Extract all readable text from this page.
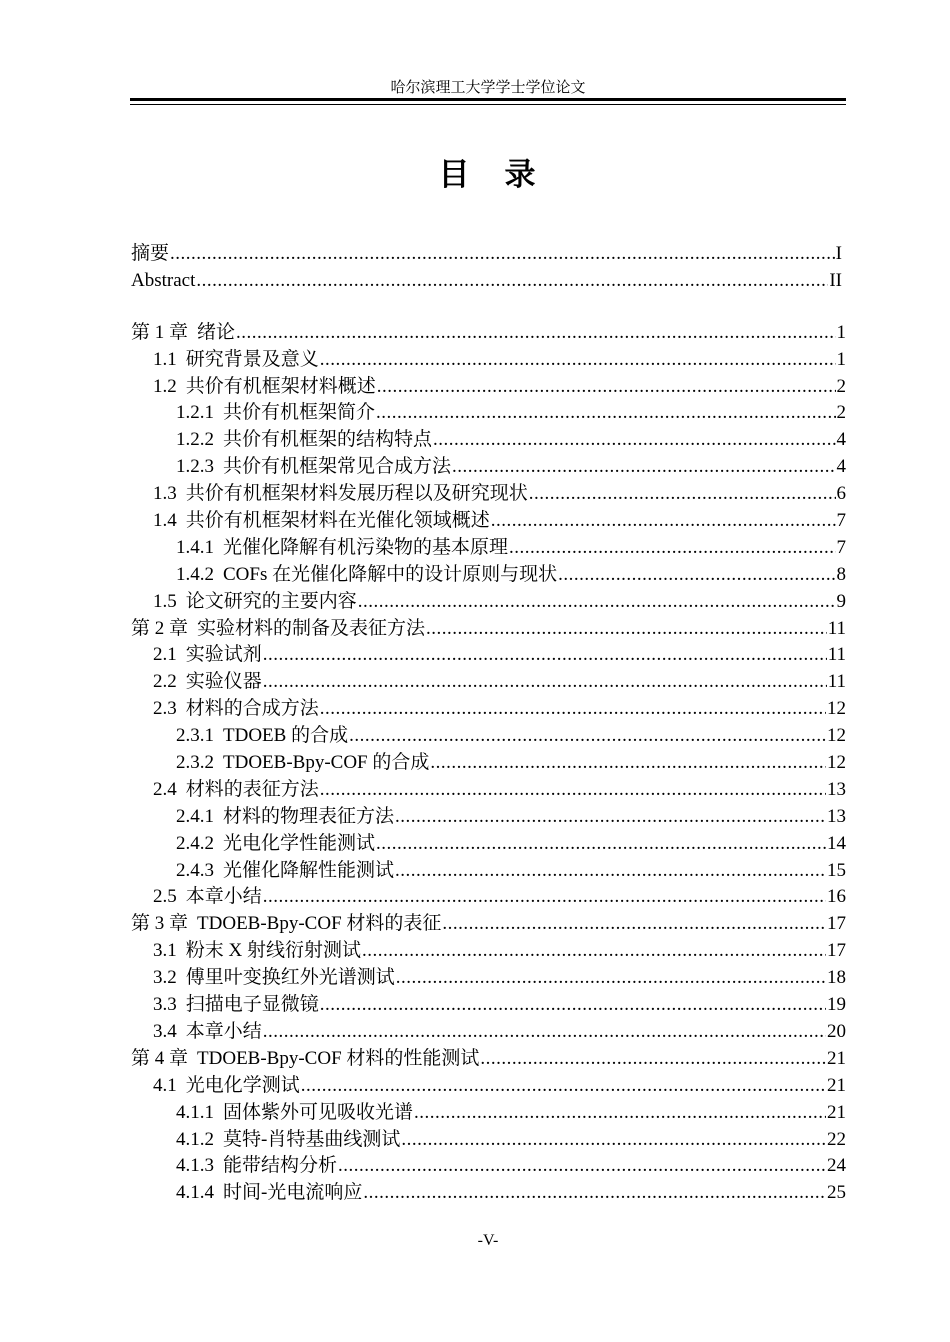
哈尔滨理工大学学士学位论文
目　录
摘要 .....	I
Abstract .....	II
第 1 章 绪论 .....	1
1.1 研究背景及意义 .....	1
1.2 共价有机框架材料概述 .....	2
1.2.1 共价有机框架简介 .....	2
1.2.2 共价有机框架的结构特点 .....	4
1.2.3 共价有机框架常见合成方法 .....	4
1.3 共价有机框架材料发展历程以及研究现状 .....	6
1.4 共价有机框架材料在光催化领域概述 .....	7
1.4.1 光催化降解有机污染物的基本原理 .....	7
1.4.2 COFs 在光催化降解中的设计原则与现状 .....	8
1.5 论文研究的主要内容 .....	9
第 2 章 实验材料的制备及表征方法 .....	11
2.1 实验试剂 .....	11
2.2 实验仪器 .....	11
2.3 材料的合成方法 .....	12
2.3.1 TDOEB 的合成 .....	12
2.3.2 TDOEB-Bpy-COF 的合成 .....	12
2.4 材料的表征方法 .....	13
2.4.1 材料的物理表征方法 .....	13
2.4.2 光电化学性能测试 .....	14
2.4.3 光催化降解性能测试 .....	15
2.5 本章小结 .....	16
第 3 章 TDOEB-Bpy-COF 材料的表征 .....	17
3.1 粉末 X 射线衍射测试 .....	17
3.2 傅里叶变换红外光谱测试 .....	18
3.3 扫描电子显微镜 .....	19
3.4 本章小结 .....	20
第 4 章 TDOEB-Bpy-COF 材料的性能测试 .....	21
4.1 光电化学测试 .....	21
4.1.1 固体紫外可见吸收光谱 .....	21
4.1.2 莫特-肖特基曲线测试 .....	22
4.1.3 能带结构分析 .....	24
4.1.4 时间-光电流响应 .....	25
-V-
